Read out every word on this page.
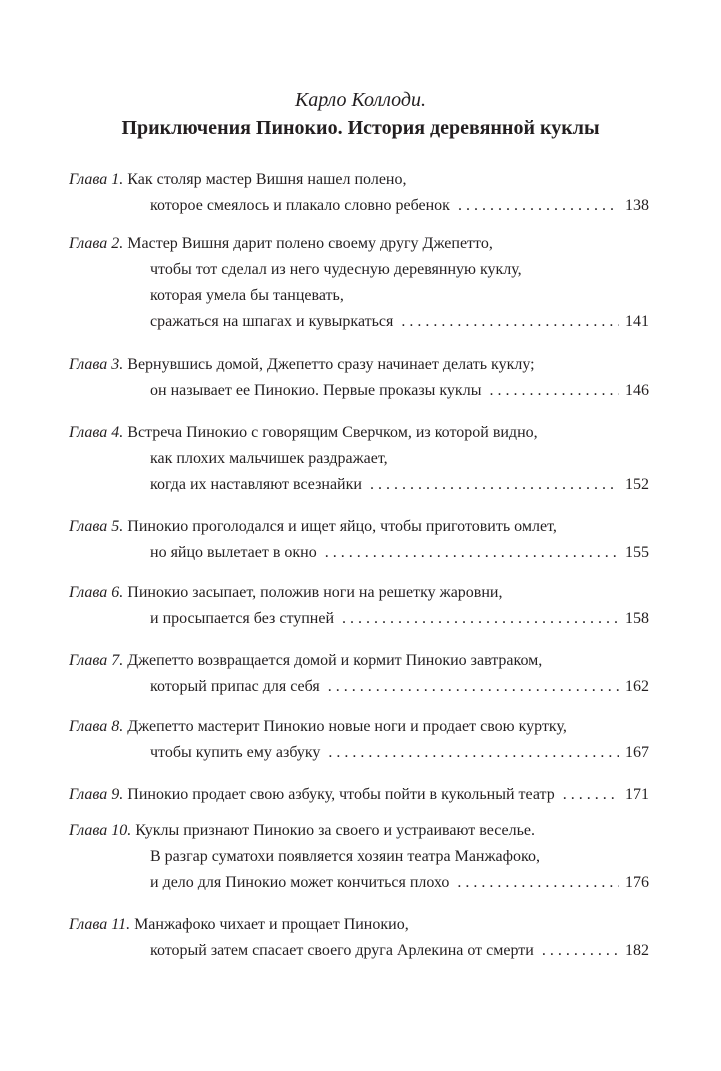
Карло Коллоди.
Приключения Пинокио. История деревянной куклы
Глава 1. Как столяр мастер Вишня нашел полено,
которое смеялось и плакало словно ребенок . . .	138
Глава 2. Мастер Вишня дарит полено своему другу Джепетто,
чтобы тот сделал из него чудесную деревянную куклу,
которая умела бы танцевать,
сражаться на шпагах и кувыркаться . . .	141
Глава 3. Вернувшись домой, Джепетто сразу начинает делать куклу;
он называет ее Пинокио. Первые проказы куклы . . .	146
Глава 4. Встреча Пинокио с говорящим Сверчком, из которой видно,
как плохих мальчишек раздражает,
когда их наставляют всезнайки . . .	152
Глава 5. Пинокио проголодался и ищет яйцо, чтобы приготовить омлет,
но яйцо вылетает в окно . . .	155
Глава 6. Пинокио засыпает, положив ноги на решетку жаровни,
и просыпается без ступней . . .	158
Глава 7. Джепетто возвращается домой и кормит Пинокио завтраком,
который припас для себя . . .	162
Глава 8. Джепетто мастерит Пинокио новые ноги и продает свою куртку,
чтобы купить ему азбуку . . .	167
Глава 9.
Пинокио продает свою азбуку, чтобы пойти в кукольный театр . . .	171
Глава 10. Куклы признают Пинокио за своего и устраивают веселье.
В разгар суматохи появляется хозяин театра Манжафоко,
и дело для Пинокио может кончиться плохо . . .	176
Глава 11. Манжафоко чихает и прощает Пинокио,
который затем спасает своего друга Арлекина от смерти . . .	182
